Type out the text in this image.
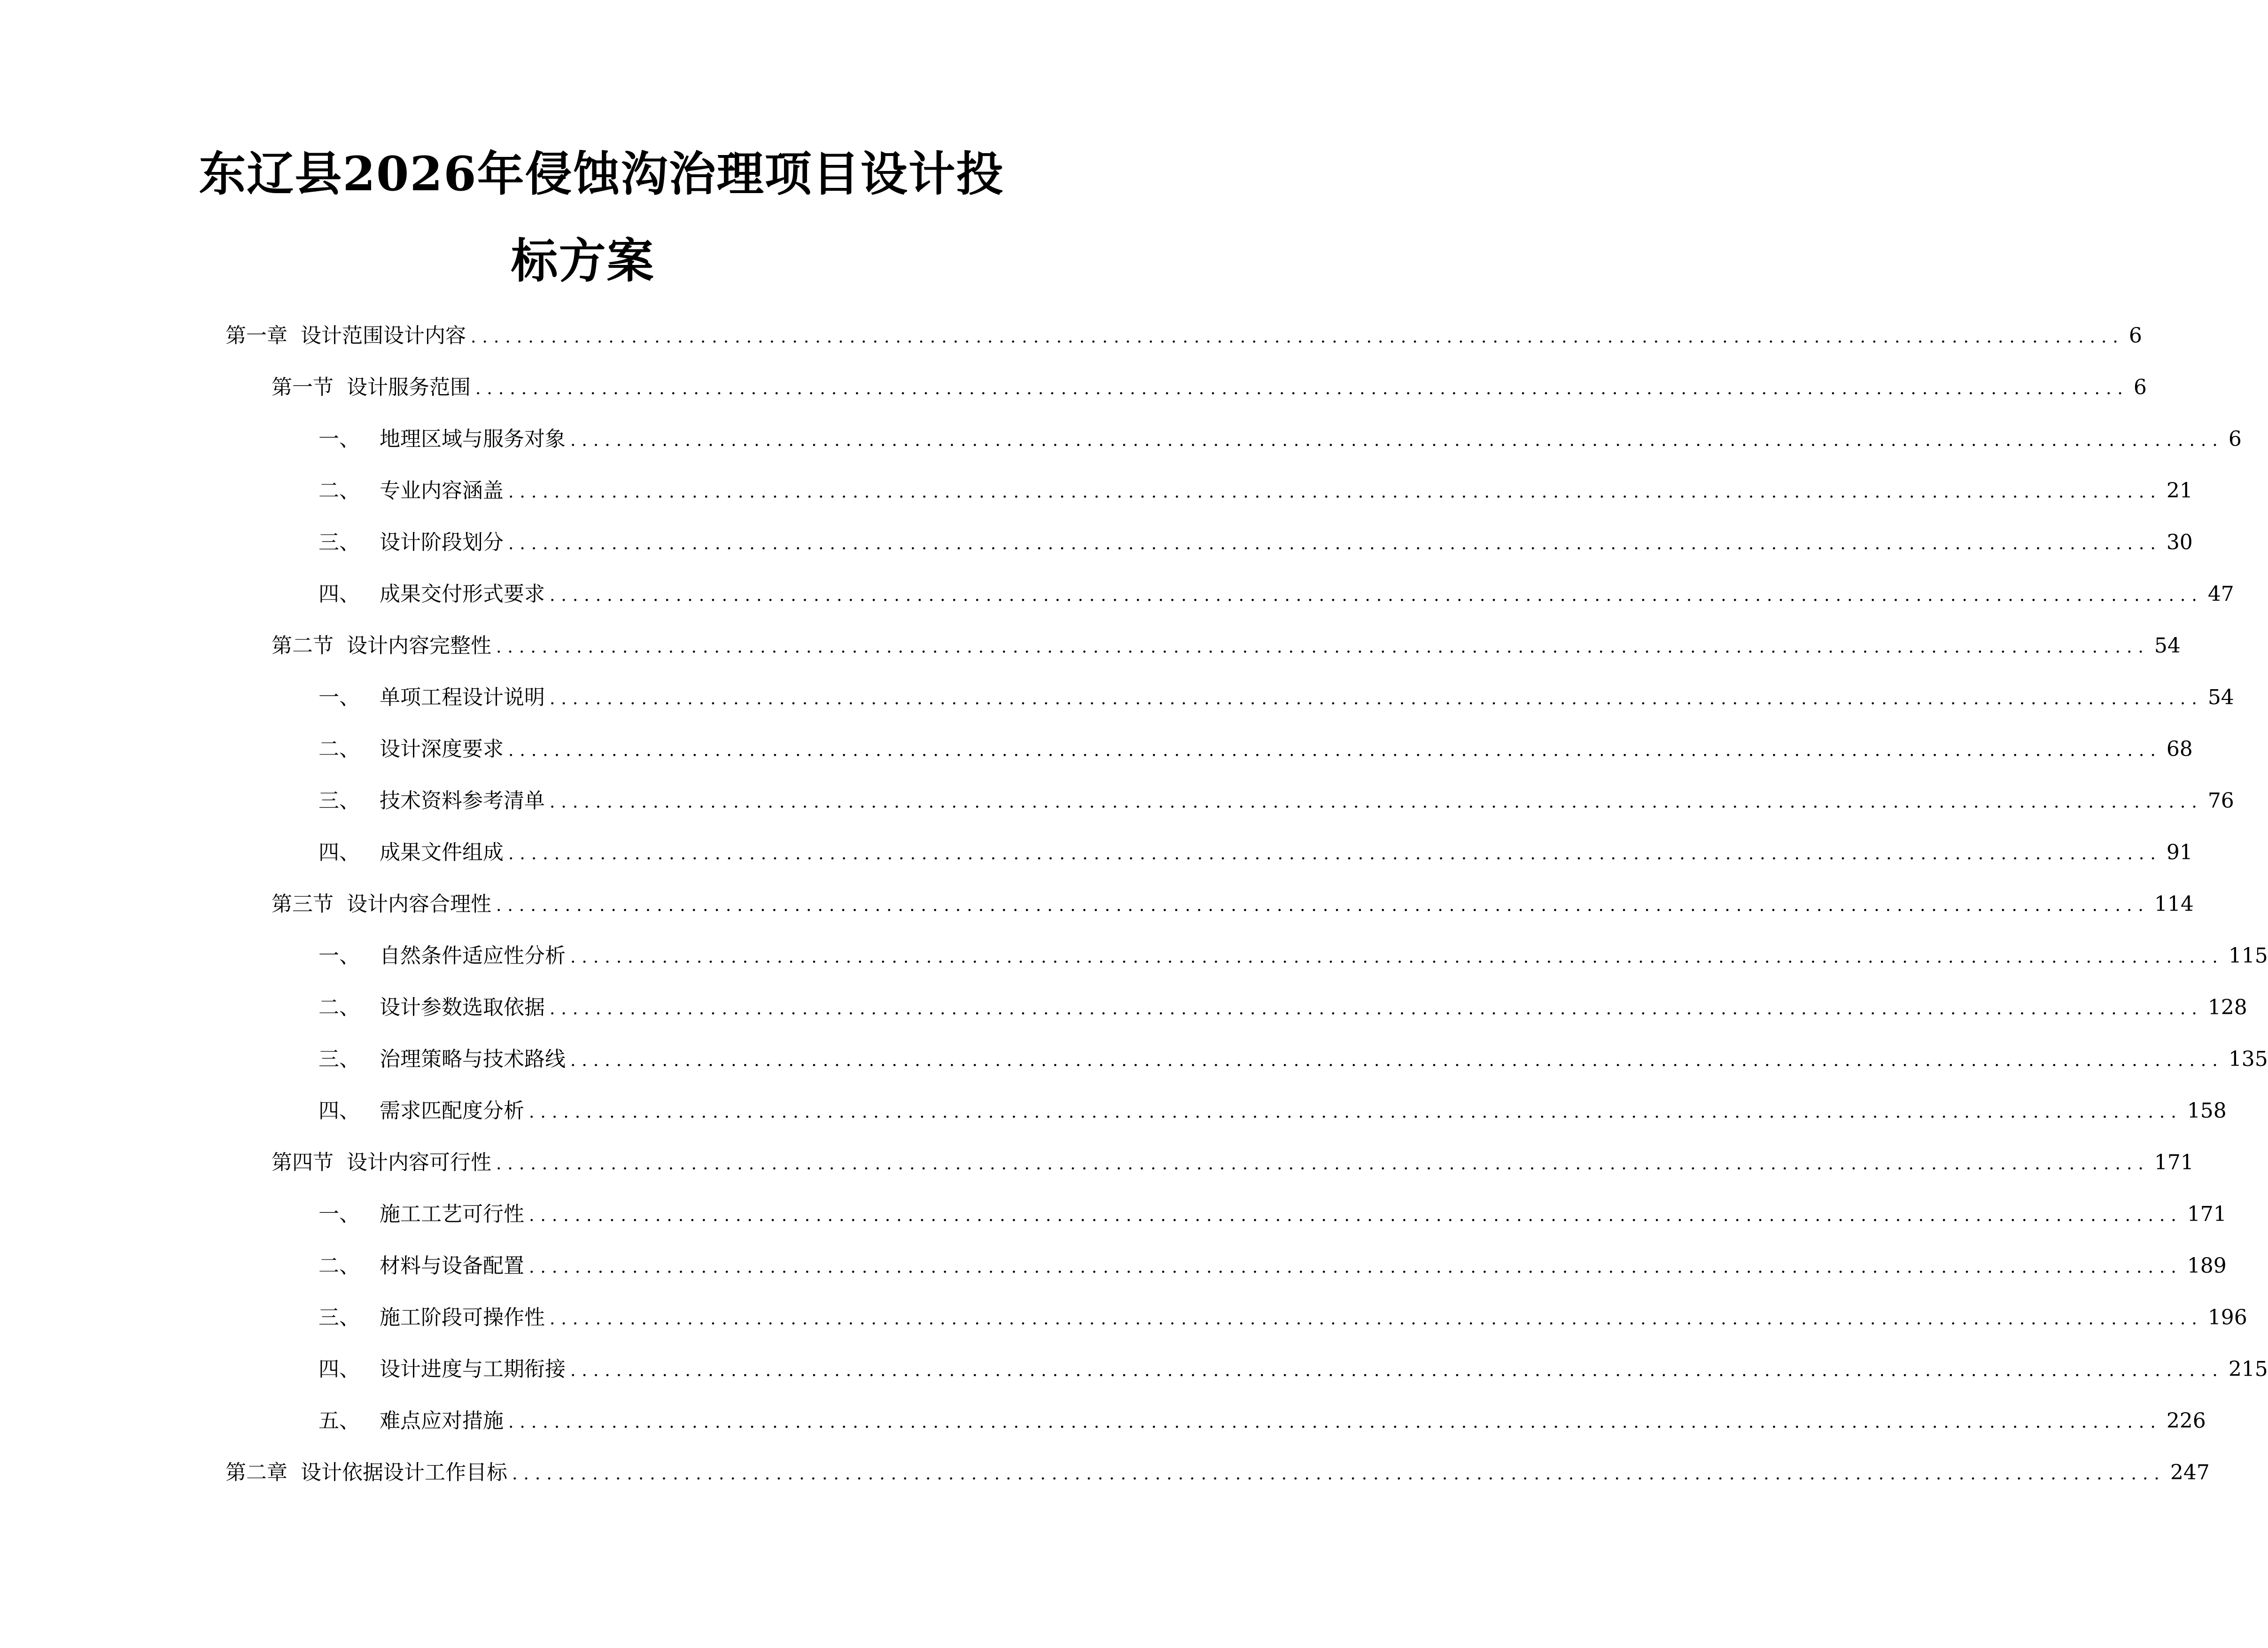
东辽县2026年侵蚀沟治理项目设计投
标方案
第一章  设计范围设计内容 ................................................................................................................................................ 6
第一节  设计服务范围 ................................................................................................................................................ 6
一、   地理区域与服务对象 ................................................................................................................................................ 6
二、   专业内容涵盖 ................................................................................................................................................ 21
三、   设计阶段划分 ................................................................................................................................................ 30
四、   成果交付形式要求 ................................................................................................................................................ 47
第二节  设计内容完整性 ................................................................................................................................................ 54
一、   单项工程设计说明 ................................................................................................................................................ 54
二、   设计深度要求 ................................................................................................................................................ 68
三、   技术资料参考清单 ................................................................................................................................................ 76
四、   成果文件组成 ................................................................................................................................................ 91
第三节  设计内容合理性 ................................................................................................................................................ 114
一、   自然条件适应性分析 ................................................................................................................................................ 115
二、   设计参数选取依据 ................................................................................................................................................ 128
三、   治理策略与技术路线 ................................................................................................................................................ 135
四、   需求匹配度分析 ................................................................................................................................................ 158
第四节  设计内容可行性 ................................................................................................................................................ 171
一、   施工工艺可行性 ................................................................................................................................................ 171
二、   材料与设备配置 ................................................................................................................................................ 189
三、   施工阶段可操作性 ................................................................................................................................................ 196
四、   设计进度与工期衔接 ................................................................................................................................................ 215
五、   难点应对措施 ................................................................................................................................................ 226
第二章  设计依据设计工作目标 ................................................................................................................................................ 247
